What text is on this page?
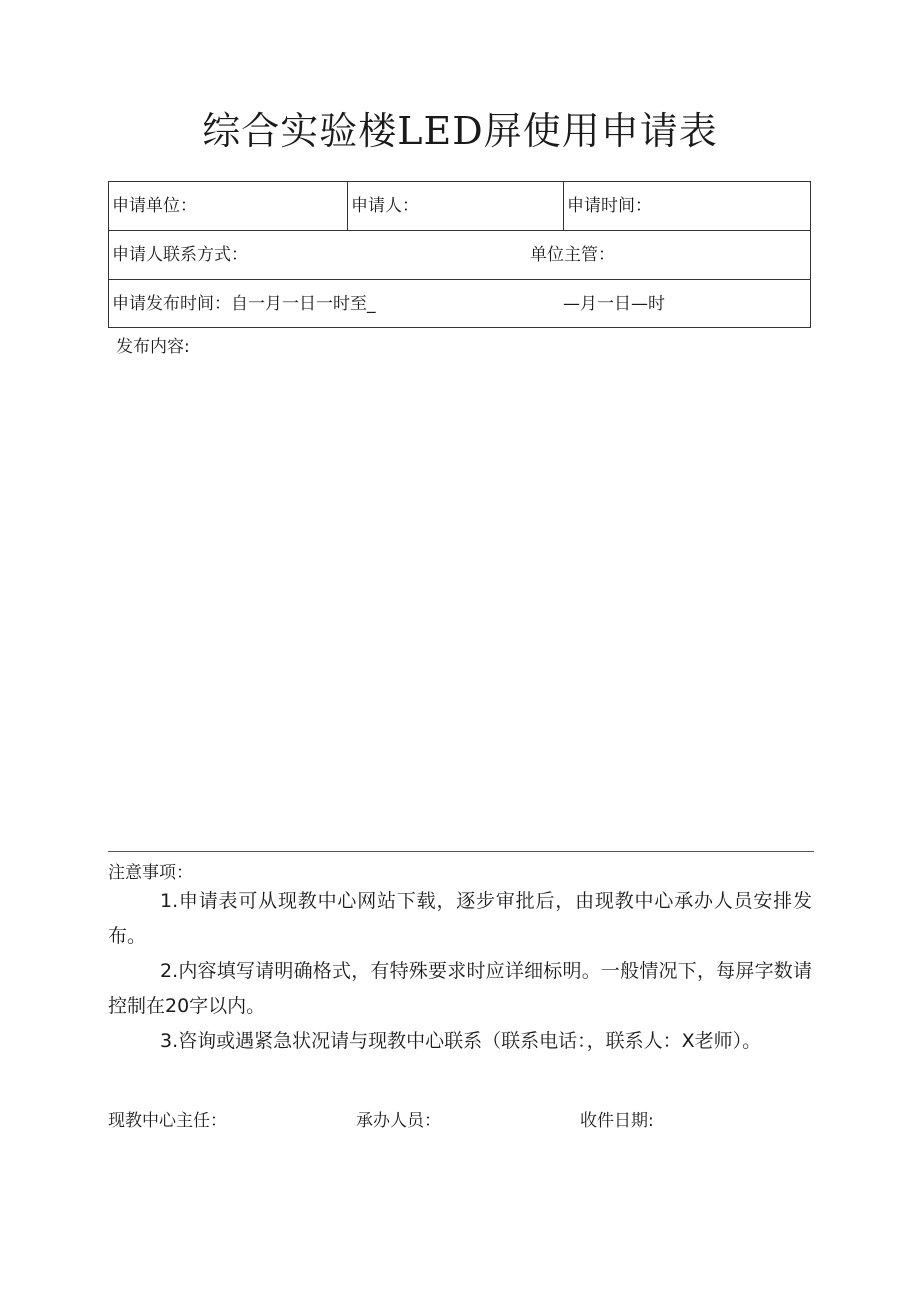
综合实验楼LED屏使用申请表
申请单位：	申请人：	申请时间：
申请人联系方式：	单位主管：
申请发布时间：自一月一日一时至_	—月一日—时
发布内容:
注意事项：

1.申请表可从现教中心网站下载，逐步审批后，由现教中心承办人员安排发布。

2.内容填写请明确格式，有特殊要求时应详细标明。一般情况下，每屏字数请控制在20字以内。

3.咨询或遇紧急状况请与现教中心联系（联系电话：，联系人：X老师）。

现教中心主任：	承办人员：	收件日期:
